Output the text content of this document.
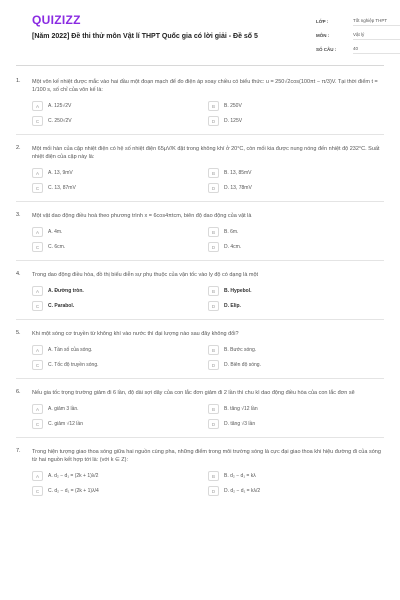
QUIZIZZ
[Năm 2022] Đề thi thử môn Vật lí THPT Quốc gia có lời giải - Đề số 5
LỚP :	Tốt nghiệp THPT
MÔN :	Vật lý
SỐ CÂU :	40
1.	Một vôn kế nhiệt được mắc vào hai đầu một đoạn mạch để đo điện áp xoay chiều có biểu thức: u = 250√2cos(100πt − π/3)V. Tại thời điểm t = 1/100 s, số chỉ của vôn kế là:
A	A. 125√2V	B	B. 250V
C	C. 250√2V	D	D. 125V
2.	Một mối hàn của cặp nhiệt điện có hệ số nhiệt điện 65μV/K đặt trong không khí ở 20°C, còn mối kia được nung nóng đến nhiệt độ 232°C. Suất nhiệt điện của cặp này là:
A	A. 13, 9mV	B	B. 13, 85mV
C	C. 13, 87mV	D	D. 13, 78mV
3.	Một vật dao động điều hoà theo phương trình x = 6cos4πtcm, biên độ dao động của vật là
A	A. 4m.	B	B. 6m.
C	C. 6cm.	D	D. 4cm.
4.	Trong dao động điều hòa, đồ thị biểu diễn sự phụ thuộc của vận tốc vào ly độ có dạng là một
A	A. Đường tròn.	B	B. Hypebol.
C	C. Parabol.	D	D. Elip.
5.	Khi một sóng cơ truyền từ không khí vào nước thì đại lượng nào sau đây không đổi?
A	A. Tần số của sóng.	B	B. Bước sóng.
C	C. Tốc độ truyền sóng.	D	D. Biên độ sóng.
6.	Nếu gia tốc trọng trường giảm đi 6 lần, độ dài sợi dây của con lắc đơn giảm đi 2 lần thì chu kì dao động điều hòa của con lắc đơn sẽ
A	A. giảm 3 lần.	B	B. tăng √12 lần
C	C. giảm √12 lần	D	D. tăng √3 lần
7.	Trong hiện tượng giao thoa sóng giữa hai nguồn cùng pha, những điểm trong môi trường sóng là cực đại giao thoa khi hiệu đường đi của sóng từ hai nguồn kết hợp tới là: (với k ∈ Z):
A	A. d₂ − d₁ = (2k + 1)λ/2	B	B. d₂ − d₁ = kλ
C	C. d₂ − d₁ = (2k + 1)λ/4	D	D. d₂ − d₁ = kλ/2
